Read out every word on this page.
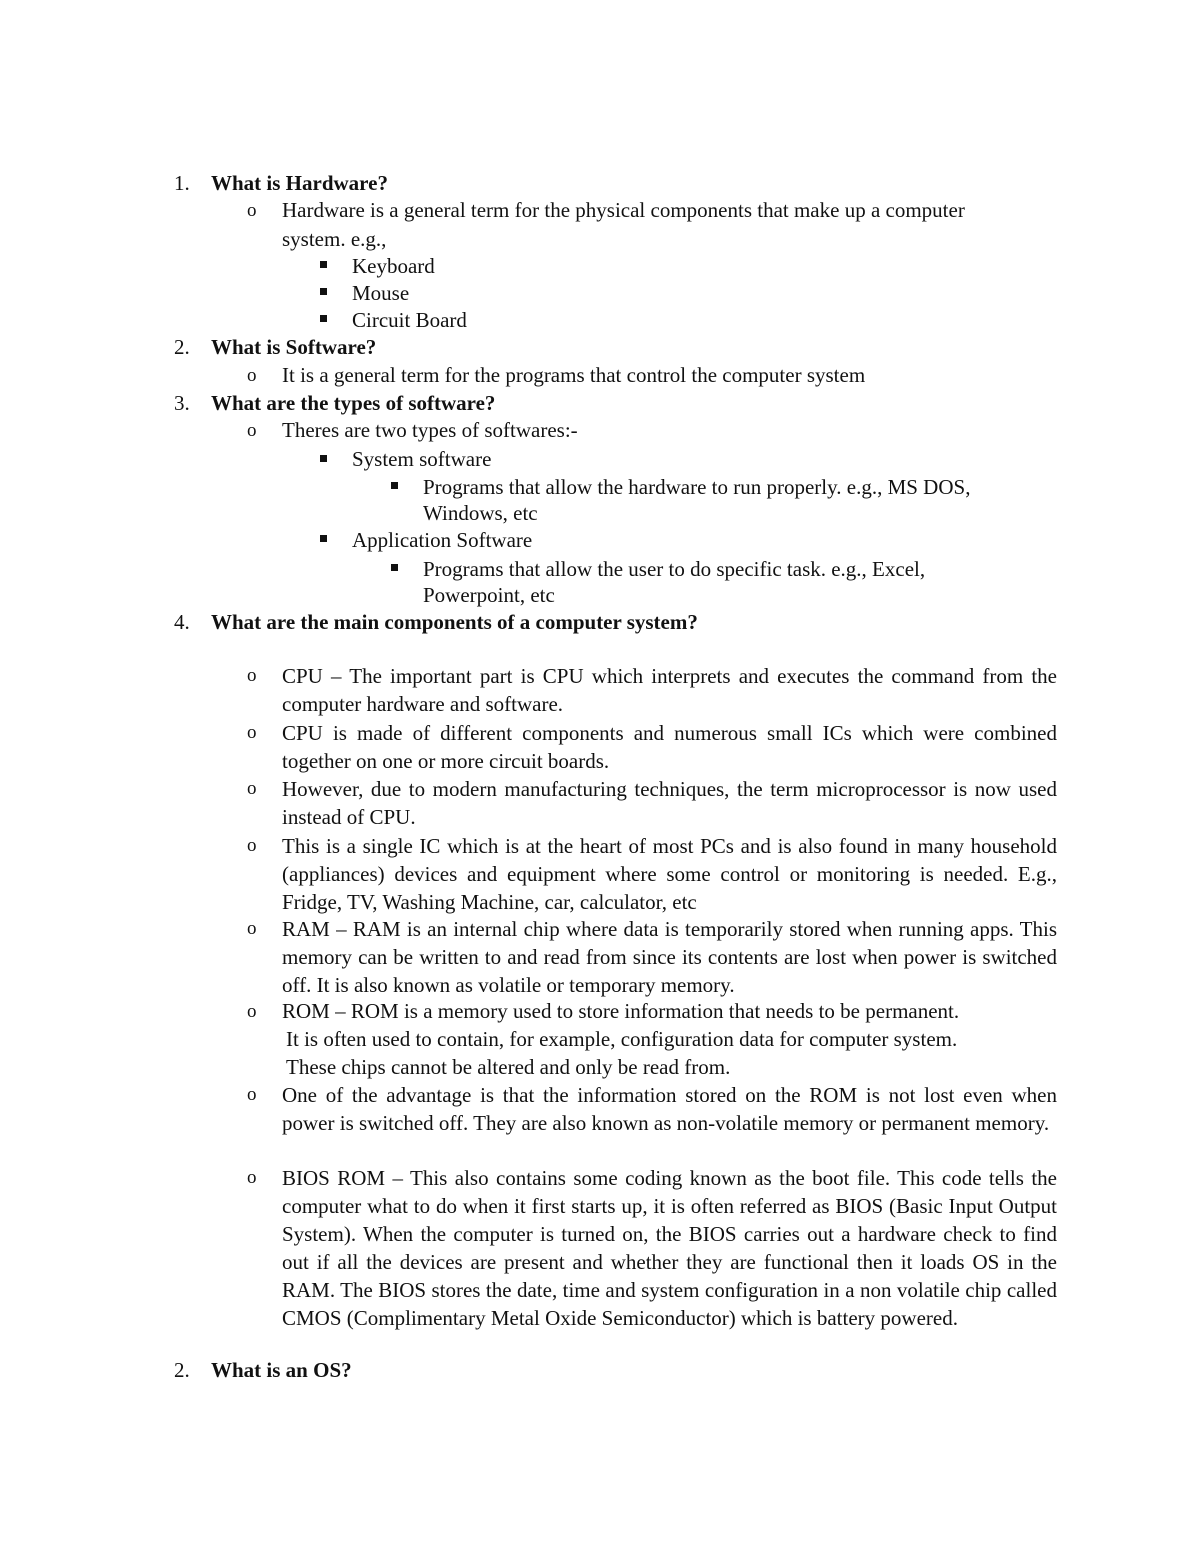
1. What is Hardware?
o Hardware is a general term for the physical components that make up a computer
system. e.g.,
Keyboard
Mouse
Circuit Board
2. What is Software?
o It is a general term for the programs that control the computer system
3. What are the types of software?
o Theres are two types of softwares:-
System software
Programs that allow the hardware to run properly. e.g., MS DOS,
Windows, etc
Application Software
Programs that allow the user to do specific task. e.g., Excel,
Powerpoint, etc
4. What are the main components of a computer system?
o CPU – The important part is CPU which interprets and executes the command from the computer hardware and software.
o CPU is made of different components and numerous small ICs which were combined together on one or more circuit boards.
o However, due to modern manufacturing techniques, the term microprocessor is now used instead of CPU.
o This is a single IC which is at the heart of most PCs and is also found in many household (appliances) devices and equipment where some control or monitoring is needed. E.g., Fridge, TV, Washing Machine, car, calculator, etc
o RAM – RAM is an internal chip where data is temporarily stored when running apps. This memory can be written to and read from since its contents are lost when power is switched off. It is also known as volatile or temporary memory.
o ROM – ROM is a memory used to store information that needs to be permanent.
It is often used to contain, for example, configuration data for computer system.
These chips cannot be altered and only be read from.
o One of the advantage is that the information stored on the ROM is not lost even when power is switched off. They are also known as non-volatile memory or permanent memory.
o BIOS ROM – This also contains some coding known as the boot file. This code tells the computer what to do when it first starts up, it is often referred as BIOS (Basic Input Output System). When the computer is turned on, the BIOS carries out a hardware check to find out if all the devices are present and whether they are functional then it loads OS in the RAM. The BIOS stores the date, time and system configuration in a non volatile chip called CMOS (Complimentary Metal Oxide Semiconductor) which is battery powered.
2. What is an OS?
